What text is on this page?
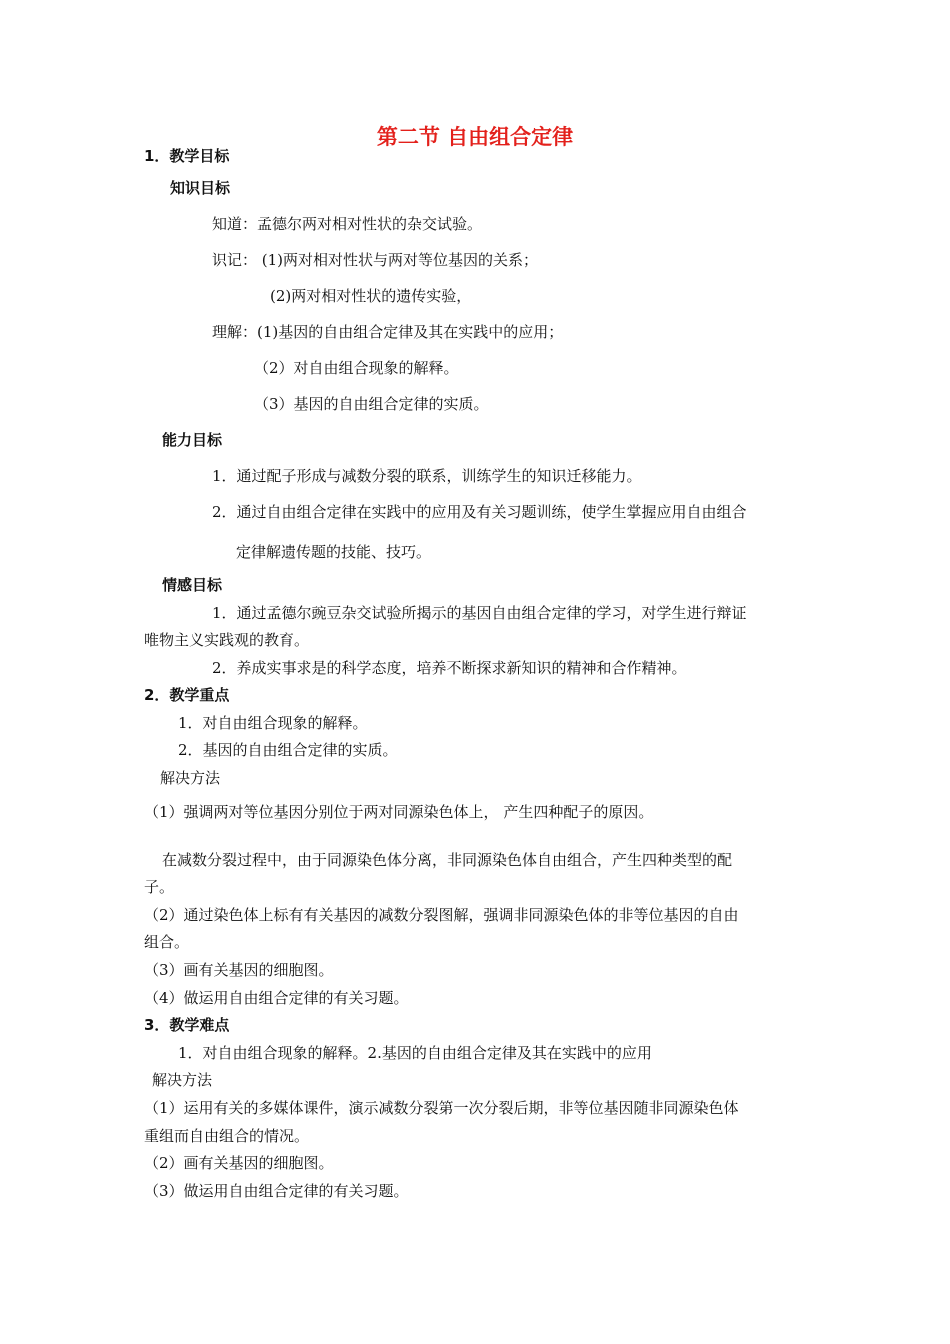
第二节 自由组合定律
1．教学目标
知识目标
知道：孟德尔两对相对性状的杂交试验。
识记： (1)两对相对性状与两对等位基因的关系；
(2)两对相对性状的遗传实验，
理解：(1)基因的自由组合定律及其在实践中的应用；
（2）对自由组合现象的解释。
（3）基因的自由组合定律的实质。
能力目标
1．通过配子形成与减数分裂的联系，训练学生的知识迁移能力。
2．通过自由组合定律在实践中的应用及有关习题训练，使学生掌握应用自由组合
定律解遗传题的技能、技巧。
情感目标
1．通过孟德尔豌豆杂交试验所揭示的基因自由组合定律的学习，对学生进行辩证
唯物主义实践观的教育。
2．养成实事求是的科学态度，培养不断探求新知识的精神和合作精神。
2．教学重点
1．对自由组合现象的解释。
2．基因的自由组合定律的实质。
解决方法
（1）强调两对等位基因分别位于两对同源染色体上， 产生四种配子的原因。
在减数分裂过程中，由于同源染色体分离，非同源染色体自由组合，产生四种类型的配
子。
（2）通过染色体上标有有关基因的减数分裂图解，强调非同源染色体的非等位基因的自由
组合。
（3）画有关基因的细胞图。
（4）做运用自由组合定律的有关习题。
3．教学难点
1．对自由组合现象的解释。2.基因的自由组合定律及其在实践中的应用
解决方法
（1）运用有关的多媒体课件，演示减数分裂第一次分裂后期，非等位基因随非同源染色体
重组而自由组合的情况。
（2）画有关基因的细胞图。
（3）做运用自由组合定律的有关习题。
